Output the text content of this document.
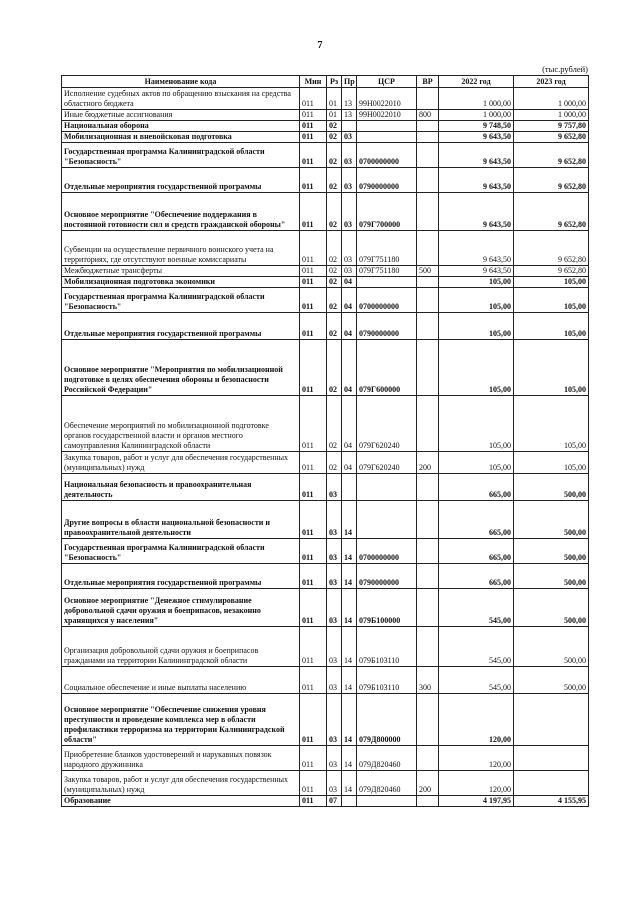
7
(тыс.рублей)
Наименование кода	Мин	Рз	Пр	ЦСР	ВР	2022 год	2023 год
Исполнение судебных актов по обращению взыскания на средства областного бюджета	011	01	13	99Н0022010		1 000,00	1 000,00
Иные бюджетные ассигнования	011	01	13	99Н0022010	800	1 000,00	1 000,00
Национальная оборона	011	02				9 748,50	9 757,80
Мобилизационная и вневойсковая подготовка	011	02	03			9 643,50	9 652,80
Государственная программа Калининградской области "Безопасность"	011	02	03	0700000000		9 643,50	9 652,80
Отдельные мероприятия государственной программы	011	02	03	0790000000		9 643,50	9 652,80
Основное мероприятие "Обеспечение поддержания в постоянной готовности сил и средств гражданской обороны"	011	02	03	079Г700000		9 643,50	9 652,80
Субвенции на осуществление первичного воинского учета на территориях, где отсутствуют военные комиссариаты	011	02	03	079Г751180		9 643,50	9 652,80
Межбюджетные трансферты	011	02	03	079Г751180	500	9 643,50	9 652,80
Мобилизационная подготовка экономики	011	02	04			105,00	105,00
Государственная программа Калининградской области "Безопасность"	011	02	04	0700000000		105,00	105,00
Отдельные мероприятия государственной программы	011	02	04	0790000000		105,00	105,00
Основное мероприятие "Мероприятия по мобилизационной подготовке в целях обеспечения обороны и безопасности Российской Федерации"	011	02	04	079Г600000		105,00	105,00
Обеспечение мероприятий по мобилизационной подготовке органов государственной власти и органов местного самоуправления Калининградской области	011	02	04	079Г620240		105,00	105,00
Закупка товаров, работ и услуг для обеспечения государственных (муниципальных) нужд	011	02	04	079Г620240	200	105,00	105,00
Национальная безопасность и правоохранительная деятельность	011	03				665,00	500,00
Другие вопросы в области национальной безопасности и правоохранительной деятельности	011	03	14			665,00	500,00
Государственная программа Калининградской области "Безопасность"	011	03	14	0700000000		665,00	500,00
Отдельные мероприятия государственной программы	011	03	14	0790000000		665,00	500,00
Основное мероприятие "Денежное стимулирование добровольной сдачи оружия и боеприпасов, незаконно хранящихся у населения"	011	03	14	079Б100000		545,00	500,00
Организация добровольной сдачи оружия и боеприпасов гражданами на территории Калининградской области	011	03	14	079Б103110		545,00	500,00
Социальное обеспечение и иные выплаты населению	011	03	14	079Б103110	300	545,00	500,00
Основное мероприятие "Обеспечение снижения уровня преступности и проведение комплекса мер в области профилактики терроризма на территории Калининградской области"	011	03	14	079Д800000		120,00	
Приобретение бланков удостоверений и нарукавных повязок народного дружинника	011	03	14	079Д820460		120,00	
Закупка товаров, работ и услуг для обеспечения государственных (муниципальных) нужд	011	03	14	079Д820460	200	120,00	
Образование	011	07				4 197,95	4 155,95
